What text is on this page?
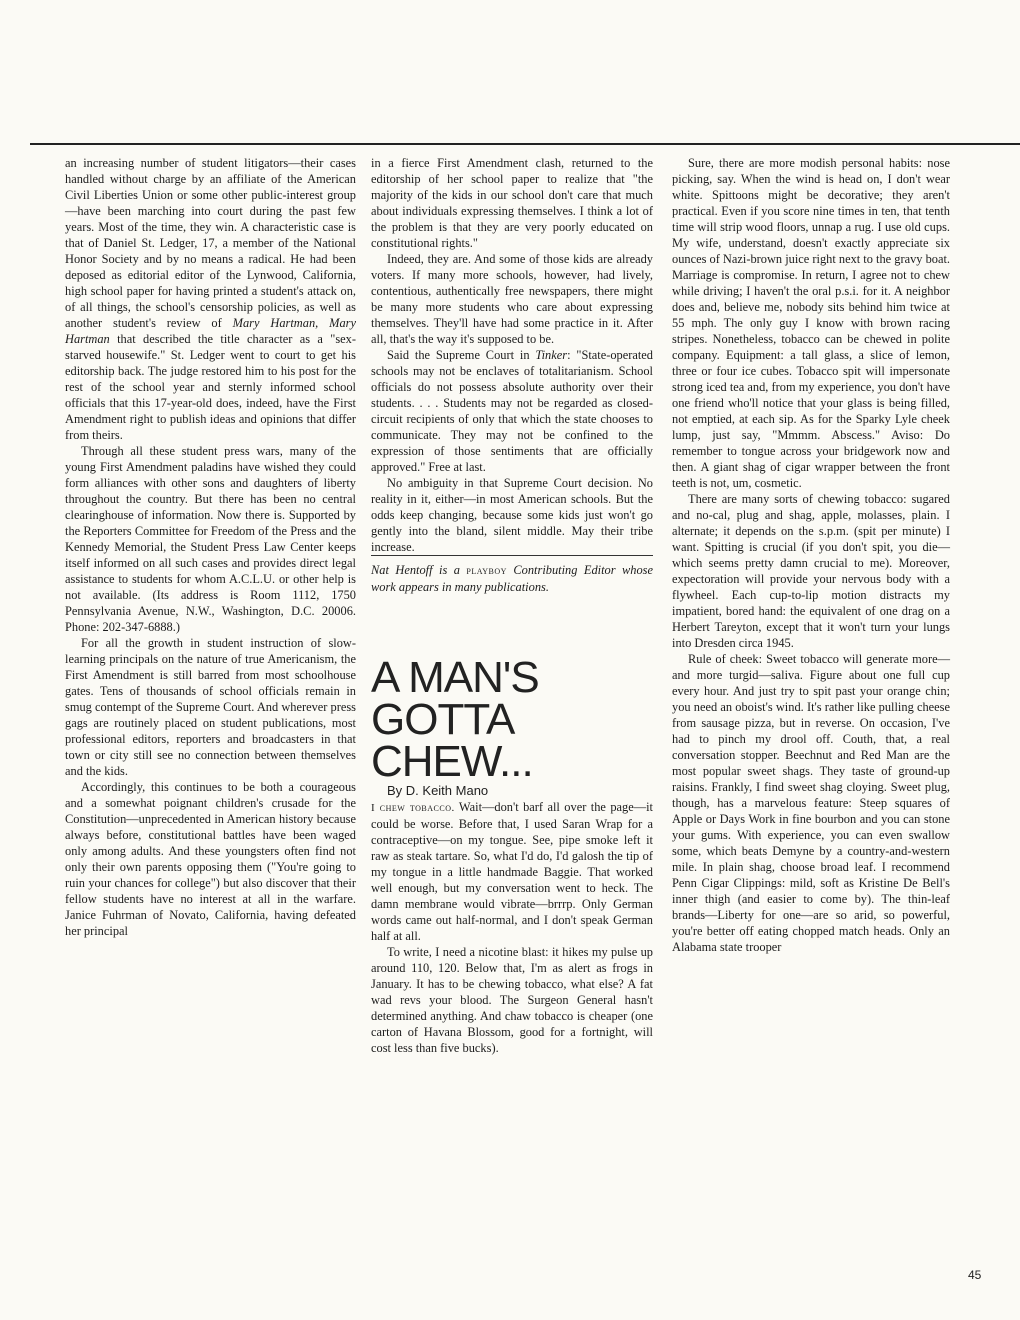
an increasing number of student litigators—their cases handled without charge by an affiliate of the American Civil Liberties Union or some other public-interest group—have been marching into court during the past few years. Most of the time, they win. A characteristic case is that of Daniel St. Ledger, 17, a member of the National Honor Society and by no means a radical. He had been deposed as editorial editor of the Lynwood, California, high school paper for having printed a student's attack on, of all things, the school's censorship policies, as well as another student's review of Mary Hartman, Mary Hartman that described the title character as a "sex-starved housewife." St. Ledger went to court to get his editorship back. The judge restored him to his post for the rest of the school year and sternly informed school officials that this 17-year-old does, indeed, have the First Amendment right to publish ideas and opinions that differ from theirs.

Through all these student press wars, many of the young First Amendment paladins have wished they could form alliances with other sons and daughters of liberty throughout the country. But there has been no central clearinghouse of information. Now there is. Supported by the Reporters Committee for Freedom of the Press and the Kennedy Memorial, the Student Press Law Center keeps itself informed on all such cases and provides direct legal assistance to students for whom A.C.L.U. or other help is not available. (Its address is Room 1112, 1750 Pennsylvania Avenue, N.W., Washington, D.C. 20006. Phone: 202-347-6888.)

For all the growth in student instruction of slow-learning principals on the nature of true Americanism, the First Amendment is still barred from most schoolhouse gates. Tens of thousands of school officials remain in smug contempt of the Supreme Court. And wherever press gags are routinely placed on student publications, most professional editors, reporters and broadcasters in that town or city still see no connection between themselves and the kids.

Accordingly, this continues to be both a courageous and a somewhat poignant children's crusade for the Constitution—unprecedented in American history because always before, constitutional battles have been waged only among adults. And these youngsters often find not only their own parents opposing them ("You're going to ruin your chances for college") but also discover that their fellow students have no interest at all in the warfare. Janice Fuhrman of Novato, California, having defeated her principal

in a fierce First Amendment clash, returned to the editorship of her school paper to realize that "the majority of the kids in our school don't care that much about individuals expressing themselves. I think a lot of the problem is that they are very poorly educated on constitutional rights."

Indeed, they are. And some of those kids are already voters. If many more schools, however, had lively, contentious, authentically free newspapers, there might be many more students who care about expressing themselves. They'll have had some practice in it. After all, that's the way it's supposed to be.

Said the Supreme Court in Tinker: "State-operated schools may not be enclaves of totalitarianism. School officials do not possess absolute authority over their students. . . . Students may not be regarded as closed-circuit recipients of only that which the state chooses to communicate. They may not be confined to the expression of those sentiments that are officially approved." Free at last.

No ambiguity in that Supreme Court decision. No reality in it, either—in most American schools. But the odds keep changing, because some kids just won't go gently into the bland, silent middle. May their tribe increase.

Nat Hentoff is a playboy Contributing Editor whose work appears in many publications.

A MAN'S GOTTA CHEW...

By D. Keith Mano

I chew tobacco. Wait—don't barf all over the page—it could be worse. Before that, I used Saran Wrap for a contraceptive—on my tongue. See, pipe smoke left it raw as steak tartare. So, what I'd do, I'd galosh the tip of my tongue in a little handmade Baggie. That worked well enough, but my conversation went to heck. The damn membrane would vibrate—brrrp. Only German words came out half-normal, and I don't speak German half at all.

To write, I need a nicotine blast: it hikes my pulse up around 110, 120. Below that, I'm as alert as frogs in January. It has to be chewing tobacco, what else? A fat wad revs your blood. The Surgeon General hasn't determined anything. And chaw tobacco is cheaper (one carton of Havana Blossom, good for a fortnight, will cost less than five bucks).

Sure, there are more modish personal habits: nose picking, say. When the wind is head on, I don't wear white. Spittoons might be decorative; they aren't practical. Even if you score nine times in ten, that tenth time will strip wood floors, unnap a rug. I use old cups. My wife, understand, doesn't exactly appreciate six ounces of Nazi-brown juice right next to the gravy boat. Marriage is compromise. In return, I agree not to chew while driving; I haven't the oral p.s.i. for it. A neighbor does and, believe me, nobody sits behind him twice at 55 mph. The only guy I know with brown racing stripes. Nonetheless, tobacco can be chewed in polite company. Equipment: a tall glass, a slice of lemon, three or four ice cubes. Tobacco spit will impersonate strong iced tea and, from my experience, you don't have one friend who'll notice that your glass is being filled, not emptied, at each sip. As for the Sparky Lyle cheek lump, just say, "Mmmm. Abscess." Aviso: Do remember to tongue across your bridgework now and then. A giant shag of cigar wrapper between the front teeth is not, um, cosmetic.

There are many sorts of chewing tobacco: sugared and no-cal, plug and shag, apple, molasses, plain. I alternate; it depends on the s.p.m. (spit per minute) I want. Spitting is crucial (if you don't spit, you die—which seems pretty damn crucial to me). Moreover, expectoration will provide your nervous body with a flywheel. Each cup-to-lip motion distracts my impatient, bored hand: the equivalent of one drag on a Herbert Tareyton, except that it won't turn your lungs into Dresden circa 1945.

Rule of cheek: Sweet tobacco will generate more—and more turgid—saliva. Figure about one full cup every hour. And just try to spit past your orange chin; you need an oboist's wind. It's rather like pulling cheese from sausage pizza, but in reverse. On occasion, I've had to pinch my drool off. Couth, that, a real conversation stopper. Beechnut and Red Man are the most popular sweet shags. They taste of ground-up raisins. Frankly, I find sweet shag cloying. Sweet plug, though, has a marvelous feature: Steep squares of Apple or Days Work in fine bourbon and you can stone your gums. With experience, you can even swallow some, which beats Demyne by a country-and-western mile. In plain shag, choose broad leaf. I recommend Penn Cigar Clippings: mild, soft as Kristine De Bell's inner thigh (and easier to come by). The thin-leaf brands—Liberty for one—are so arid, so powerful, you're better off eating chopped match heads. Only an Alabama state trooper

45
